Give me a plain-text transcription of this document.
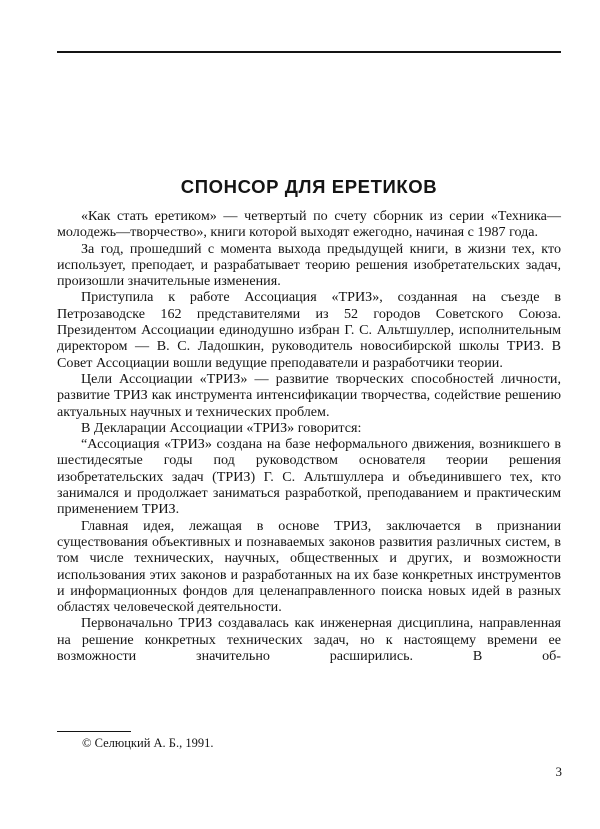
СПОНСОР ДЛЯ ЕРЕТИКОВ

«Как стать еретиком» — четвертый по счету сборник из серии «Техника—молодежь—творчество», книги которой выходят ежегодно, начиная с 1987 года.

За год, прошедший с момента выхода предыдущей книги, в жизни тех, кто использует, преподает, и разрабатывает теорию решения изобретательских задач, произошли значительные изменения.

Приступила к работе Ассоциация «ТРИЗ», созданная на съезде в Петрозаводске 162 представителями из 52 городов Советского Союза. Президентом Ассоциации единодушно избран Г. С. Альтшуллер, исполнительным директором — В. С. Ладошкин, руководитель новосибирской школы ТРИЗ. В Совет Ассоциации вошли ведущие преподаватели и разработчики теории.

Цели Ассоциации «ТРИЗ» — развитие творческих способностей личности, развитие ТРИЗ как инструмента интенсификации творчества, содействие решению актуальных научных и технических проблем.

В Декларации Ассоциации «ТРИЗ» говорится:

“Ассоциация «ТРИЗ» создана на базе неформального движения, возникшего в шестидесятые годы под руководством основателя теории решения изобретательских задач (ТРИЗ) Г. С. Альтшуллера и объединившего тех, кто занимался и продолжает заниматься разработкой, преподаванием и практическим применением ТРИЗ.

Главная идея, лежащая в основе ТРИЗ, заключается в признании существования объективных и познаваемых законов развития различных систем, в том числе технических, научных, общественных и других, и возможности использования этих законов и разработанных на их базе конкретных инструментов и информационных фондов для целенаправленного поиска новых идей в разных областях человеческой деятельности.

Первоначально ТРИЗ создавалась как инженерная дисциплина, направленная на решение конкретных технических задач, но к настоящему времени ее возможности значительно расширились. В об-

© Селюцкий А. Б., 1991.
3
